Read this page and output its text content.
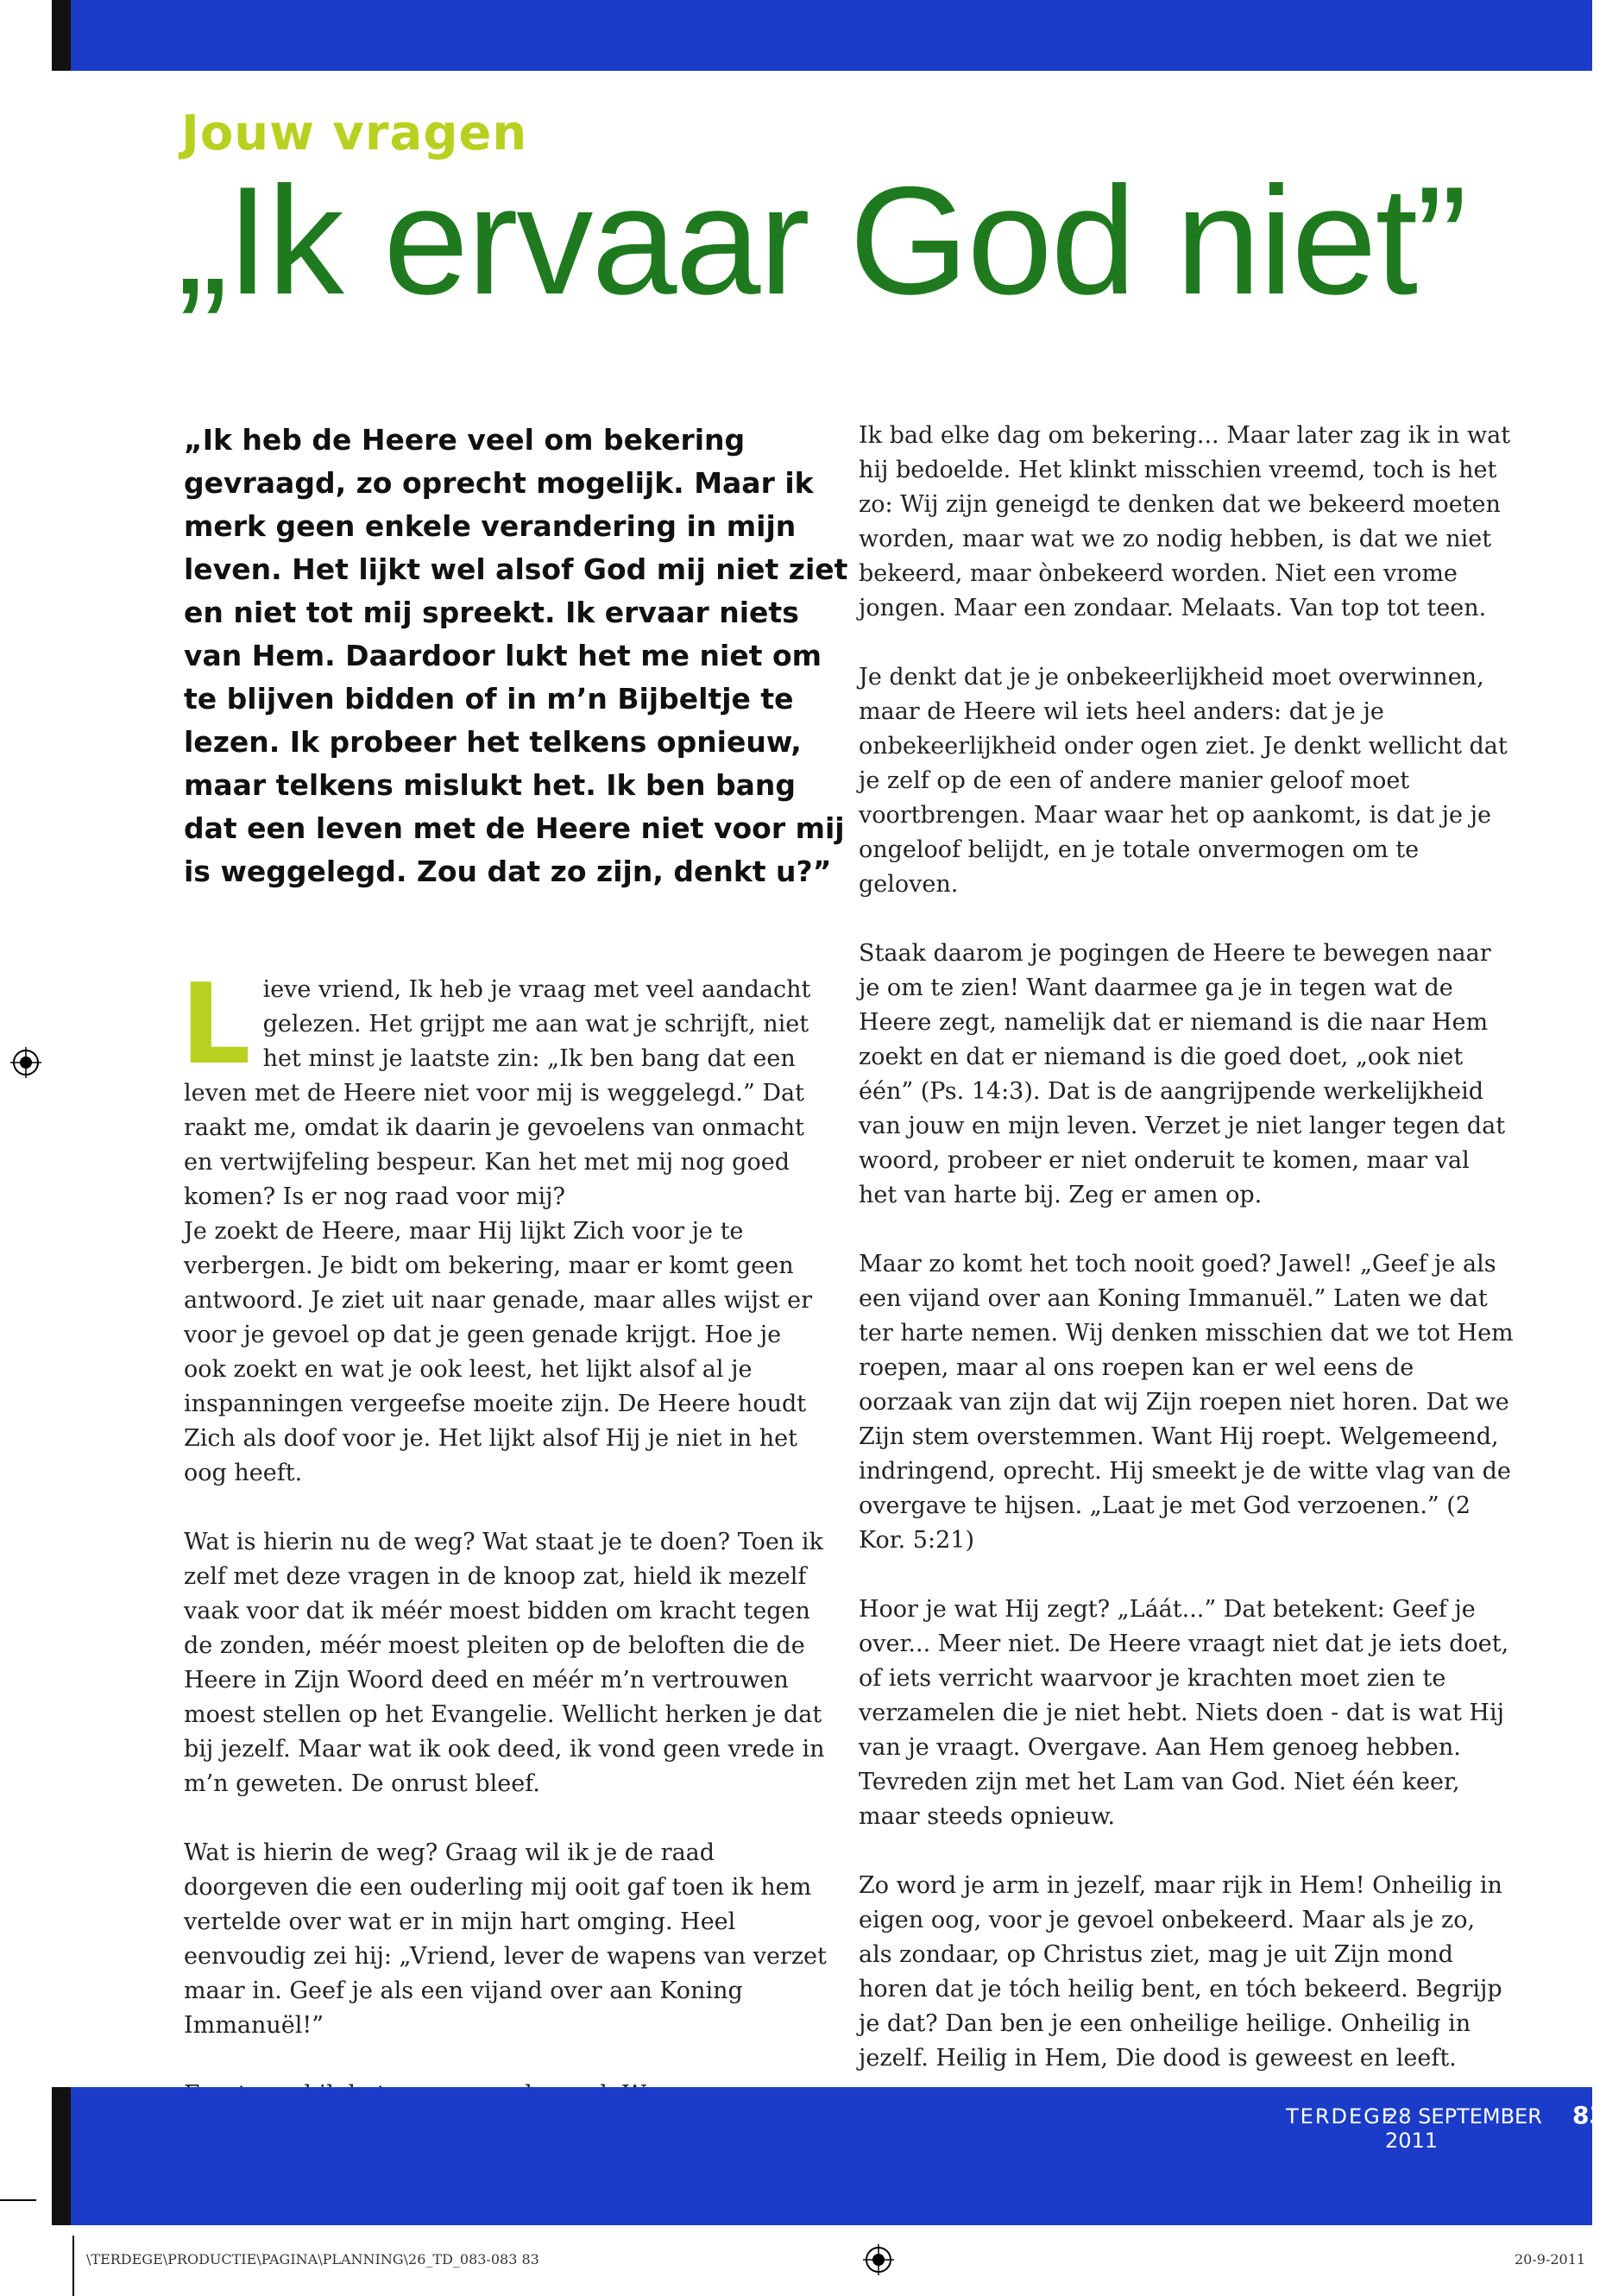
Jouw vragen
„Ik ervaar God niet”
„Ik heb de Heere veel om bekering gevraagd, zo oprecht mogelijk. Maar ik merk geen enkele verandering in mijn leven. Het lijkt wel alsof God mij niet ziet en niet tot mij spreekt. Ik ervaar niets van Hem. Daardoor lukt het me niet om te blijven bidden of in m’n Bijbeltje te lezen. Ik probeer het telkens opnieuw, maar telkens mislukt het. Ik ben bang dat een leven met de Heere niet voor mij is weggelegd. Zou dat zo zijn, denkt u?”

Lieve vriend, Ik heb je vraag met veel aandacht gelezen. Het grijpt me aan wat je schrijft, niet het minst je laatste zin: „Ik ben bang dat een leven met de Heere niet voor mij is weggelegd.” Dat raakt me, omdat ik daarin je gevoelens van onmacht en vertwijfeling bespeur. Kan het met mij nog goed komen? Is er nog raad voor mij?

Je zoekt de Heere, maar Hij lijkt Zich voor je te verbergen. Je bidt om bekering, maar er komt geen antwoord. Je ziet uit naar genade, maar alles wijst er voor je gevoel op dat je geen genade krijgt. Hoe je ook zoekt en wat je ook leest, het lijkt alsof al je inspanningen vergeefse moeite zijn. De Heere houdt Zich als doof voor je. Het lijkt alsof Hij je niet in het oog heeft.

Wat is hierin nu de weg? Wat staat je te doen? Toen ik zelf met deze vragen in de knoop zat, hield ik mezelf vaak voor dat ik méér moest bidden om kracht tegen de zonden, méér moest pleiten op de beloften die de Heere in Zijn Woord deed en méér m’n vertrouwen moest stellen op het Evangelie. Wellicht herken je dat bij jezelf. Maar wat ik ook deed, ik vond geen vrede in m’n geweten. De onrust bleef.

Wat is hierin de weg? Graag wil ik je de raad doorgeven die een ouderling mij ooit gaf toen ik hem vertelde over wat er in mijn hart omging. Heel eenvoudig zei hij: „Vriend, lever de wapens van verzet maar in. Geef je als een vijand over aan Koning Immanuël!”

Ik bad elke dag om bekering... Maar later zag ik in wat hij bedoelde. Het klinkt misschien vreemd, toch is het zo: Wij zijn geneigd te denken dat we bekeerd moeten worden, maar wat we zo nodig hebben, is dat we niet bekeerd, maar ònbekeerd worden. Niet een vrome jongen. Maar een zondaar. Melaats. Van top tot teen.

Je denkt dat je je onbekeerlijkheid moet overwinnen, maar de Heere wil iets heel anders: dat je je onbekeerlijkheid onder ogen ziet. Je denkt wellicht dat je zelf op de een of andere manier geloof moet voortbrengen. Maar waar het op aankomt, is dat je je ongeloof belijdt, en je totale onvermogen om te geloven.

Staak daarom je pogingen de Heere te bewegen naar je om te zien! Want daarmee ga je in tegen wat de Heere zegt, namelijk dat er niemand is die naar Hem zoekt en dat er niemand is die goed doet, „ook niet één” (Ps. 14:3). Dat is de aangrijpende werkelijkheid van jouw en mijn leven. Verzet je niet langer tegen dat woord, probeer er niet onderuit te komen, maar val het van harte bij. Zeg er amen op.

Maar zo komt het toch nooit goed? Jawel! „Geef je als een vijand over aan Koning Immanuël.” Laten we dat ter harte nemen. Wij denken misschien dat we tot Hem roepen, maar al ons roepen kan er wel eens de oorzaak van zijn dat wij Zijn roepen niet horen. Dat we Zijn stem overstemmen. Want Hij roept. Welgemeend, indringend, oprecht. Hij smeekt je de witte vlag van de overgave te hijsen. „Laat je met God verzoenen.” (2 Kor. 5:21)

Hoor je wat Hij zegt? „Láát...” Dat betekent: Geef je over... Meer niet. De Heere vraagt niet dat je iets doet, of iets verricht waarvoor je krachten moet zien te verzamelen die je niet hebt. Niets doen - dat is wat Hij van je vraagt. Overgave. Aan Hem genoeg hebben. Tevreden zijn met het Lam van God. Niet één keer, maar steeds opnieuw.

Zo word je arm in jezelf, maar rijk in Hem! Onheilig in eigen oog, voor je gevoel onbekeerd. Maar als je zo, als zondaar, op Christus ziet, mag je uit Zijn mond horen dat je tóch heilig bent, en tóch bekeerd. Begrijp je dat? Dan ben je een onheilige heilige. Onheilig in jezelf. Heilig in Hem, Die dood is geweest en leeft.

TERDEGE
28 SEPTEMBER 2011
83
\TERDEGE\PRODUCTIE\PAGINA\PLANNING\26_TD_083-083 83	20-9-2011
